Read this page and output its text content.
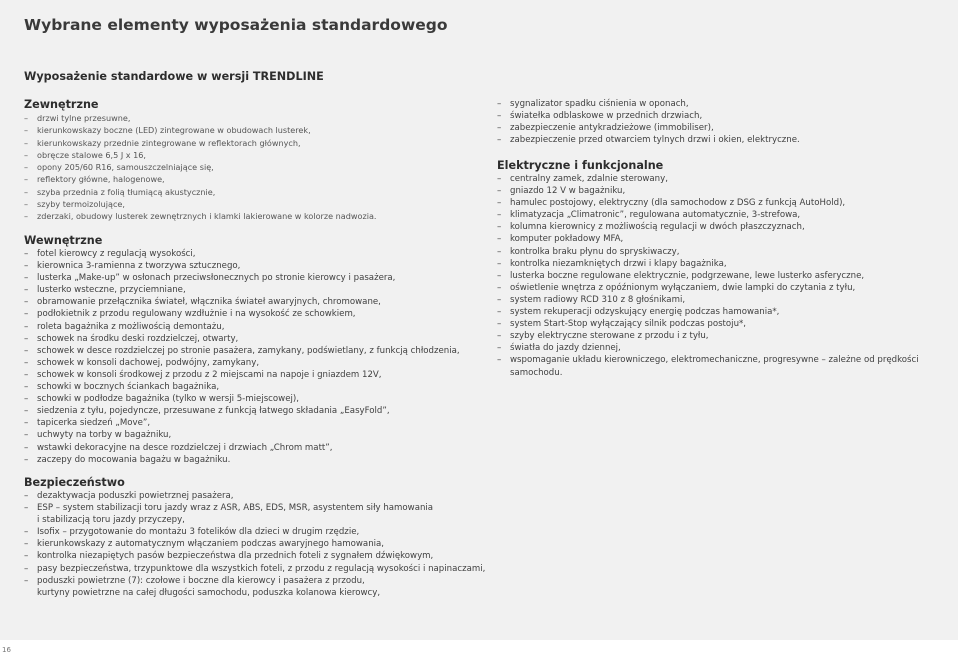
Wybrane elementy wyposażenia standardowego
Wyposażenie standardowe w wersji TRENDLINE
Zewnętrzne
– drzwi tylne przesuwne,
– kierunkowskazy boczne (LED) zintegrowane w obudowach lusterek,
– kierunkowskazy przednie zintegrowane w reflektorach głównych,
– obręcze stalowe 6,5 J x 16,
– opony 205/60 R16, samouszczelniające się,
– reflektory główne, halogenowe,
– szyba przednia z folią tłumiącą akustycznie,
– szyby termoizolujące,
– zderzaki, obudowy lusterek zewnętrznych i klamki lakierowane w kolorze nadwozia.
Wewnętrzne
– fotel kierowcy z regulacją wysokości,
– kierownica 3-ramienna z tworzywa sztucznego,
– lusterka „Make-up” w osłonach przeciwsłonecznych po stronie kierowcy i pasażera,
– lusterko wsteczne, przyciemniane,
– obramowanie przełącznika świateł, włącznika świateł awaryjnych, chromowane,
– podłokietnik z przodu regulowany wzdłużnie i na wysokość ze schowkiem,
– roleta bagażnika z możliwością demontażu,
– schowek na środku deski rozdzielczej, otwarty,
– schowek w desce rozdzielczej po stronie pasażera, zamykany, podświetlany, z funkcją chłodzenia,
– schowek w konsoli dachowej, podwójny, zamykany,
– schowek w konsoli środkowej z przodu z 2 miejscami na napoje i gniazdem 12V,
– schowki w bocznych ściankach bagażnika,
– schowki w podłodze bagażnika (tylko w wersji 5-miejscowej),
– siedzenia z tyłu, pojedyncze, przesuwane z funkcją łatwego składania „EasyFold”,
– tapicerka siedzeń „Move”,
– uchwyty na torby w bagażniku,
– wstawki dekoracyjne na desce rozdzielczej i drzwiach „Chrom matt”,
– zaczepy do mocowania bagażu w bagażniku.
Bezpieczeństwo
– dezaktywacja poduszki powietrznej pasażera,
– ESP – system stabilizacji toru jazdy wraz z ASR, ABS, EDS, MSR, asystentem siły hamowania
i stabilizacją toru jazdy przyczepy,
– Isofix – przygotowanie do montażu 3 fotelików dla dzieci w drugim rzędzie,
– kierunkowskazy z automatycznym włączaniem podczas awaryjnego hamowania,
– kontrolka niezapiętych pasów bezpieczeństwa dla przednich foteli z sygnałem dźwiękowym,
– pasy bezpieczeństwa, trzypunktowe dla wszystkich foteli, z przodu z regulacją wysokości i napinaczami,
– poduszki powietrzne (7): czołowe i boczne dla kierowcy i pasażera z przodu,
kurtyny powietrzne na całej długości samochodu, poduszka kolanowa kierowcy,
– sygnalizator spadku ciśnienia w oponach,
– światełka odblaskowe w przednich drzwiach,
– zabezpieczenie antykradzieżowe (immobiliser),
– zabezpieczenie przed otwarciem tylnych drzwi i okien, elektryczne.
Elektryczne i funkcjonalne
– centralny zamek, zdalnie sterowany,
– gniazdo 12 V w bagażniku,
– hamulec postojowy, elektryczny (dla samochodow z DSG z funkcją AutoHold),
– klimatyzacja „Climatronic”, regulowana automatycznie, 3-strefowa,
– kolumna kierownicy z możliwością regulacji w dwóch płaszczyznach,
– komputer pokładowy MFA,
– kontrolka braku płynu do spryskiwaczy,
– kontrolka niezamkniętych drzwi i klapy bagażnika,
– lusterka boczne regulowane elektrycznie, podgrzewane, lewe lusterko asferyczne,
– oświetlenie wnętrza z opóźnionym wyłączaniem, dwie lampki do czytania z tyłu,
– system radiowy RCD 310 z 8 głośnikami,
– system rekuperacji odzyskujący energię podczas hamowania*,
– system Start-Stop wyłączający silnik podczas postoju*,
– szyby elektryczne sterowane z przodu i z tyłu,
– światła do jazdy dziennej,
– wspomaganie układu kierowniczego, elektromechaniczne, progresywne – zależne od prędkości
samochodu.
16
